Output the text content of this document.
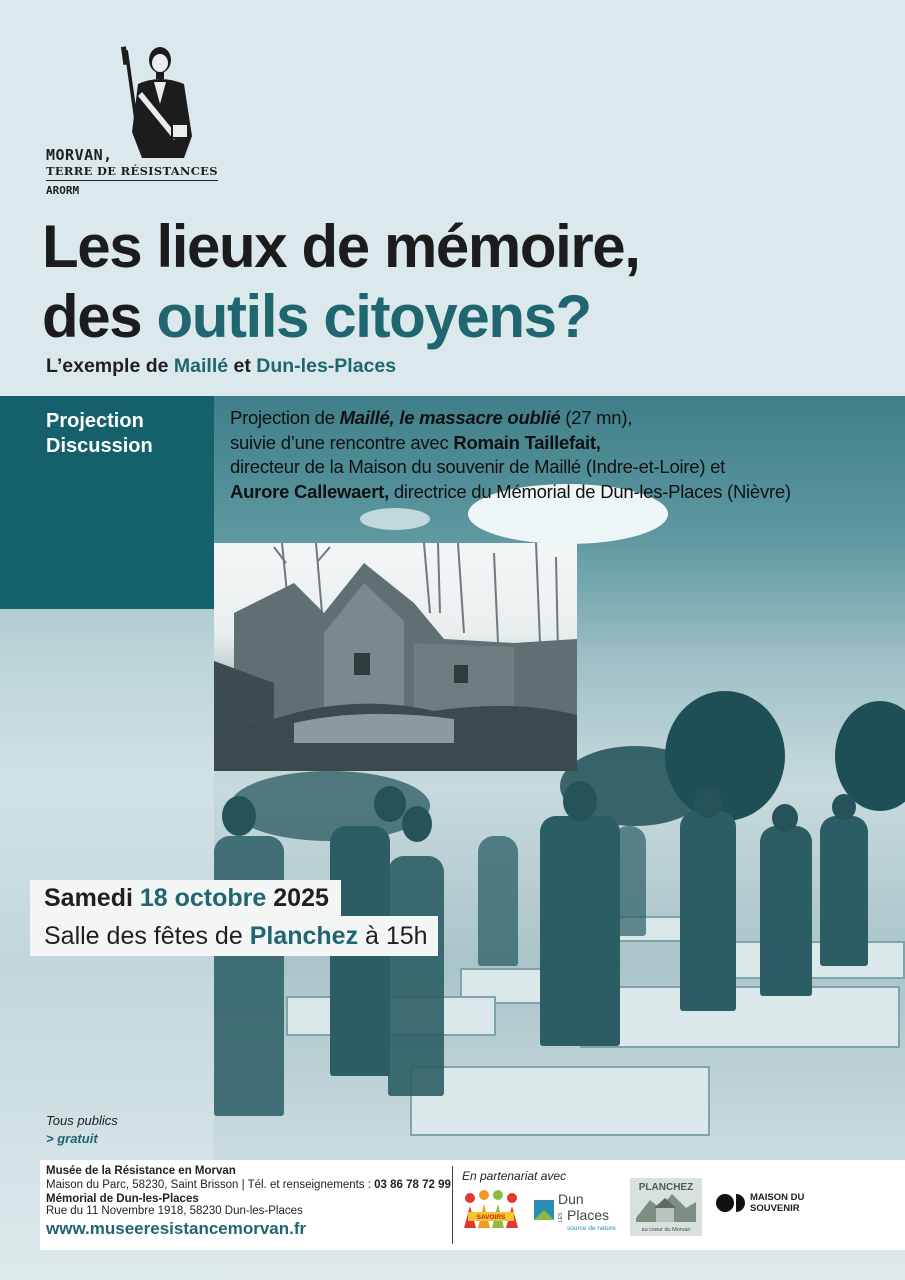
MORVAN,
TERRE DE RÉSISTANCES
ARORM
Les lieux de mémoire,
des outils citoyens?
L’exemple de Maillé et Dun-les-Places
Projection
Discussion
Projection de Maillé, le massacre oublié (27 mn),
suivie d’une rencontre avec Romain Taillefait,
directeur de la Maison du souvenir de Maillé (Indre-et-Loire) et
Aurore Callewaert, directrice du Mémorial de Dun-les-Places (Nièvre)
Samedi 18 octobre 2025
Salle des fêtes de Planchez à 15h
Tous publics
> gratuit
Musée de la Résistance en Morvan
Maison du Parc, 58230, Saint Brisson | Tél. et renseignements : 03 86 78 72 99
Mémorial de Dun-les-Places
Rue du 11 Novembre 1918, 58230 Dun-les-Places
www.museeresistancemorvan.fr
En partenariat avec
SAVOIRS
Dun
LES Places
source de nature
PLANCHEZ
au coeur du Morvan
MAISON DU
SOUVENIR
